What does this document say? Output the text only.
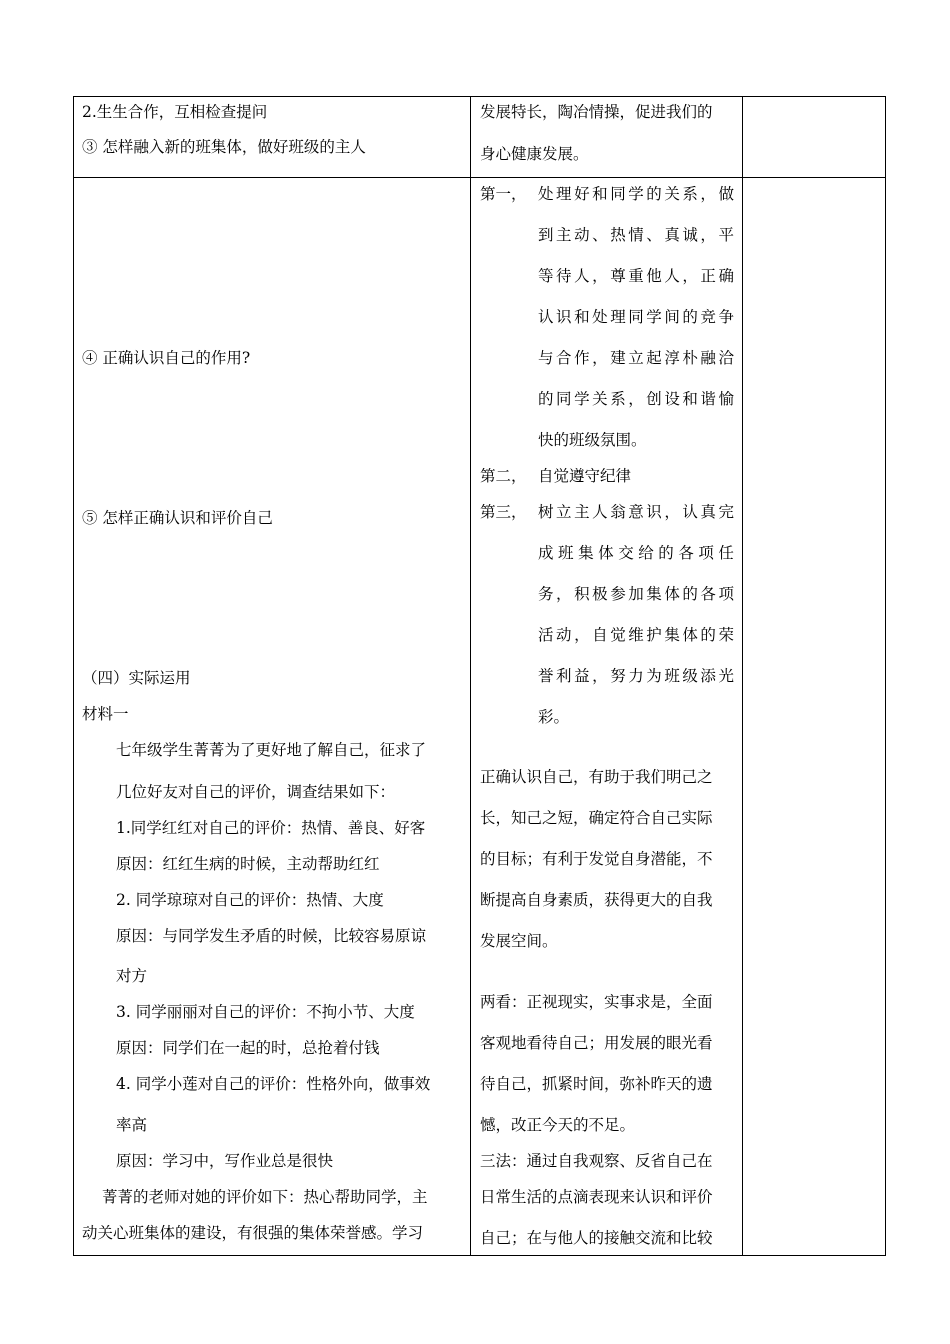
2.生生合作，互相检查提问
③ 怎样融入新的班集体，做好班级的主人
发展特长，陶冶情操，促进我们的
身心健康发展。
④ 正确认识自己的作用?
⑤ 怎样正确认识和评价自己
（四）实际运用
材料一
七年级学生菁菁为了更好地了解自己，征求了
几位好友对自己的评价，调查结果如下：
1.同学红红对自己的评价：热情、善良、好客
原因：红红生病的时候，主动帮助红红
2. 同学琼琼对自己的评价：热情、大度
原因：与同学发生矛盾的时候，比较容易原谅
对方
3. 同学丽丽对自己的评价：不拘小节、大度
原因：同学们在一起的时，总抢着付钱
4. 同学小莲对自己的评价：性格外向，做事效
率高
原因：学习中，写作业总是很快
菁菁的老师对她的评价如下：热心帮助同学，主
动关心班集体的建设，有很强的集体荣誉感。学习
第一， 处 理 好 和 同 学 的 关 系 ， 做
到 主 动 、 热 情 、 真 诚 ， 平
等 待 人 ， 尊 重 他 人 ， 正 确
认 识 和 处 理 同 学 间 的 竞 争
与 合 作 ， 建 立 起 淳 朴 融 洽
的 同 学 关 系 ， 创 设 和 谐 愉
快的班级氛围。
第二， 自觉遵守纪律
第三， 树 立 主 人 翁 意 识 ， 认 真 完
成 班 集 体 交 给 的 各 项 任
务 ， 积 极 参 加 集 体 的 各 项
活 动 ， 自 觉 维 护 集 体 的 荣
誉 利 益 ， 努 力 为 班 级 添 光
彩。
正确认识自己，有助于我们明己之
长，知己之短，确定符合自己实际
的目标；有利于发觉自身潜能，不
断提高自身素质，获得更大的自我
发展空间。
两看：正视现实，实事求是，全面
客观地看待自己；用发展的眼光看
待自己，抓紧时间，弥补昨天的遗
憾，改正今天的不足。
三法：通过自我观察、反省自己在
日常生活的点滴表现来认识和评价
自己；在与他人的接触交流和比较
